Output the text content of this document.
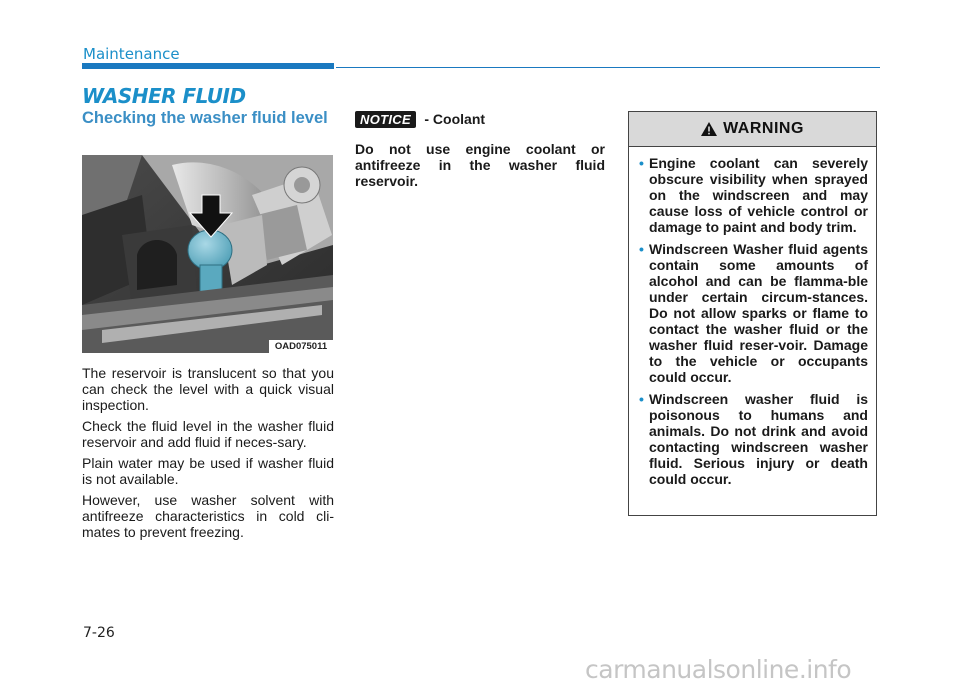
Maintenance
WASHER FLUID
Checking the washer fluid level
OAD075011

The reservoir is translucent so that you can check the level with a quick visual inspection.

Check the fluid level in the washer fluid reservoir and add fluid if neces-sary.

Plain water may be used if washer fluid is not available.

However, use washer solvent with antifreeze characteristics in cold cli-mates to prevent freezing.

NOTICE - Coolant
Do not use engine coolant or antifreeze in the washer fluid reservoir.
WARNING
• Engine coolant can severely obscure visibility when sprayed on the windscreen and may cause loss of vehicle control or damage to paint and body trim.
• Windscreen Washer fluid agents contain some amounts of alcohol and can be flamma-ble under certain circum-stances. Do not allow sparks or flame to contact the washer fluid or the washer fluid reser-voir. Damage to the vehicle or occupants could occur.
• Windscreen washer fluid is poisonous to humans and animals. Do not drink and avoid contacting windscreen washer fluid. Serious injury or death could occur.
7-26
carmanualsonline.info
